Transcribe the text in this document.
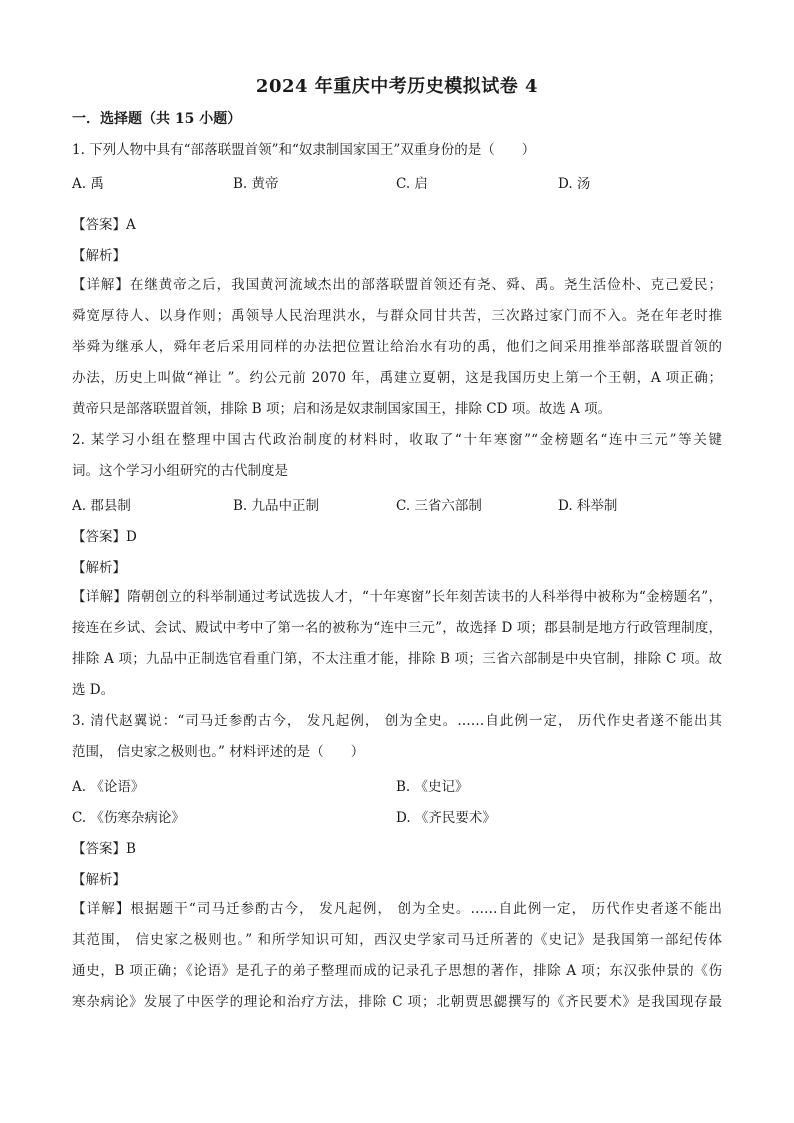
2024 年重庆中考历史模拟试卷 4
一．选择题（共 15 小题）
1. 下列人物中具有“部落联盟首领”和“奴隶制国家国王”双重身份的是（　　）
A. 禹	B. 黄帝	C. 启	D. 汤
【答案】A
【解析】
【详解】在继黄帝之后，我国黄河流域杰出的部落联盟首领还有尧、舜、禹。尧生活俭朴、克己爱民；
舜宽厚待人、以身作则；禹领导人民治理洪水，与群众同甘共苦，三次路过家门而不入。尧在年老时推
举舜为继承人，舜年老后采用同样的办法把位置让给治水有功的禹，他们之间采用推举部落联盟首领的
办法，历史上叫做“禅让 ”。约公元前 2070 年，禹建立夏朝，这是我国历史上第一个王朝，A 项正确；
黄帝只是部落联盟首领，排除 B 项；启和汤是奴隶制国家国王，排除 CD 项。故选 A 项。
2. 某学习小组在整理中国古代政治制度的材料时，收取了“十年寒窗”“金榜题名“连中三元”等关键
词。这个学习小组研究的古代制度是
A. 郡县制	B. 九品中正制	C. 三省六部制	D. 科举制
【答案】D
【解析】
【详解】隋朝创立的科举制通过考试选拔人才，“十年寒窗”长年刻苦读书的人科举得中被称为“金榜题名”，
接连在乡试、会试、殿试中考中了第一名的被称为“连中三元”，故选择 D 项；郡县制是地方行政管理制度，
排除 A 项；九品中正制选官看重门第，不太注重才能，排除 B 项；三省六部制是中央官制，排除 C 项。故
选 D。
3. 清代赵翼说：“司马迁参酌古今， 发凡起例， 创为全史。……自此例一定， 历代作史者遂不能出其
范围， 信史家之极则也。” 材料评述的是（　　）
A. 《论语》	B. 《史记》
C. 《伤寒杂病论》	D. 《齐民要术》
【答案】B
【解析】
【详解】根据题干“司马迁参酌古今， 发凡起例， 创为全史。……自此例一定， 历代作史者遂不能出
其范围， 信史家之极则也。” 和所学知识可知，西汉史学家司马迁所著的《史记》是我国第一部纪传体
通史，B 项正确；《论语》是孔子的弟子整理而成的记录孔子思想的著作，排除 A 项；东汉张仲景的《伤
寒杂病论》发展了中医学的理论和治疗方法，排除 C 项；北朝贾思勰撰写的《齐民要术》是我国现存最
